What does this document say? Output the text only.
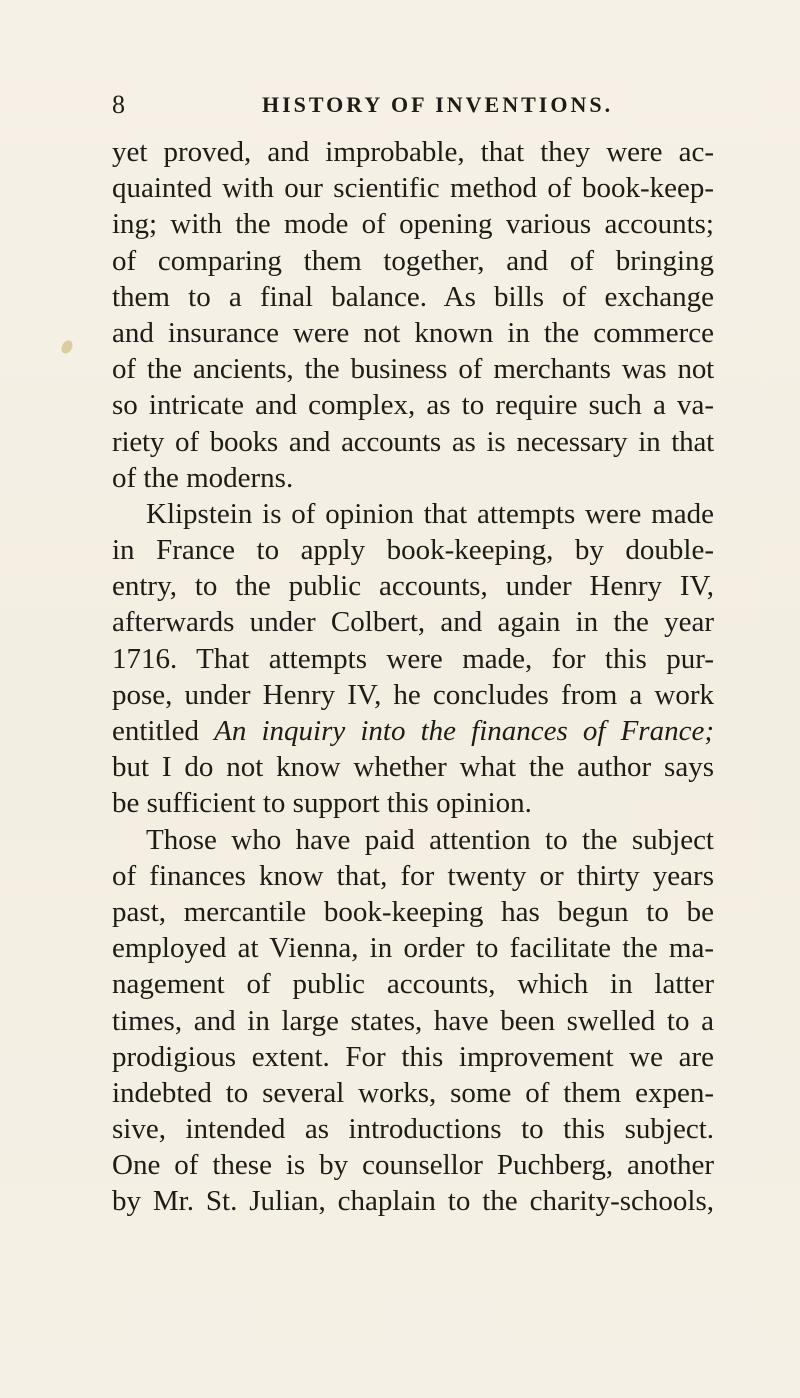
8	HISTORY OF INVENTIONS.
yet proved, and improbable, that they were ac-
quainted with our scientific method of book-keep-
ing; with the mode of opening various accounts;
of comparing them together, and of bringing
them to a final balance. As bills of exchange
and insurance were not known in the commerce
of the ancients, the business of merchants was not
so intricate and complex, as to require such a va-
riety of books and accounts as is necessary in that
of the moderns.
Klipstein is of opinion that attempts were made
in France to apply book-keeping, by double-
entry, to the public accounts, under Henry IV,
afterwards under Colbert, and again in the year
1716. That attempts were made, for this pur-
pose, under Henry IV, he concludes from a work
entitled An inquiry into the finances of France;
but I do not know whether what the author says
be sufficient to support this opinion.
Those who have paid attention to the subject
of finances know that, for twenty or thirty years
past, mercantile book-keeping has begun to be
employed at Vienna, in order to facilitate the ma-
nagement of public accounts, which in latter
times, and in large states, have been swelled to a
prodigious extent. For this improvement we are
indebted to several works, some of them expen-
sive, intended as introductions to this subject.
One of these is by counsellor Puchberg, another
by Mr. St. Julian, chaplain to the charity-schools,
